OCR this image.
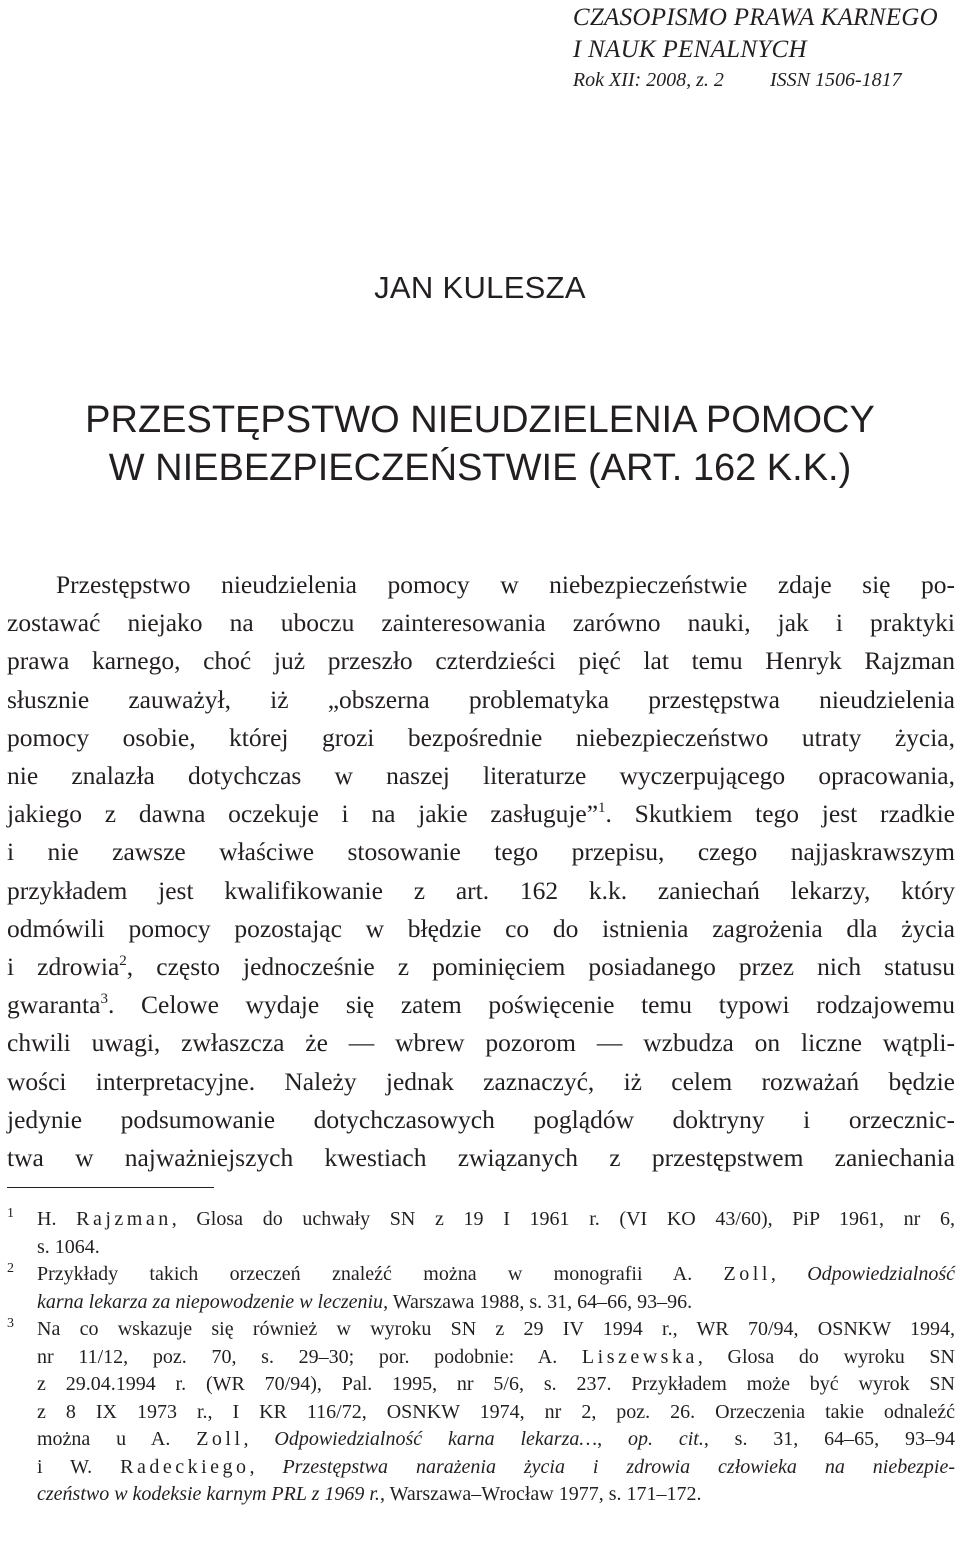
CZASOPISMO PRAWA KARNEGO
I NAUK PENALNYCH
Rok XII: 2008, z. 2 ISSN 1506-1817
JAN KULESZA
PRZESTĘPSTWO NIEUDZIELENIA POMOCY
W NIEBEZPIECZEŃSTWIE (ART. 162 K.K.)
Przestępstwo nieudzielenia pomocy w niebezpieczeństwie zdaje się po-
zostawać niejako na uboczu zainteresowania zarówno nauki, jak i praktyki
prawa karnego, choć już przeszło czterdzieści pięć lat temu Henryk Rajzman
słusznie zauważył, iż „obszerna problematyka przestępstwa nieudzielenia
pomocy osobie, której grozi bezpośrednie niebezpieczeństwo utraty życia,
nie znalazła dotychczas w naszej literaturze wyczerpującego opracowania,
jakiego z dawna oczekuje i na jakie zasługuje”$^1$. Skutkiem tego jest rzadkie
i nie zawsze właściwe stosowanie tego przepisu, czego najjaskrawszym
przykładem jest kwalifikowanie z art. 162 k.k. zaniechań lekarzy, który
odmówili pomocy pozostając w błędzie co do istnienia zagrożenia dla życia
i zdrowia$^2$, często jednocześnie z pominięciem posiadanego przez nich statusu
gwaranta$^3$. Celowe wydaje się zatem poświęcenie temu typowi rodzajowemu
chwili uwagi, zwłaszcza że — wbrew pozorom — wzbudza on liczne wątpli-
wości interpretacyjne. Należy jednak zaznaczyć, iż celem rozważań będzie
jedynie podsumowanie dotychczasowych poglądów doktryny i orzecznic-
twa w najważniejszych kwestiach związanych z przestępstwem zaniechania
1 H. Rajzman, Glosa do uchwały SN z 19 I 1961 r. (VI KO 43/60), PiP 1961, nr 6,
s. 1064.
2 Przykłady takich orzeczeń znaleźć można w monografii A. Zoll, Odpowiedzialność
karna lekarza za niepowodzenie w leczeniu, Warszawa 1988, s. 31, 64–66, 93–96.
3 Na co wskazuje się również w wyroku SN z 29 IV 1994 r., WR 70/94, OSNKW 1994,
nr 11/12, poz. 70, s. 29–30; por. podobnie: A. Liszewska, Glosa do wyroku SN
z 29.04.1994 r. (WR 70/94), Pal. 1995, nr 5/6, s. 237. Przykładem może być wyrok SN
z 8 IX 1973 r., I KR 116/72, OSNKW 1974, nr 2, poz. 26. Orzeczenia takie odnaleźć
można u A. Zoll, Odpowiedzialność karna lekarza…, op. cit., s. 31, 64–65, 93–94
i W. Radeckiego, Przestępstwa narażenia życia i zdrowia człowieka na niebezpie-
czeństwo w kodeksie karnym PRL z 1969 r., Warszawa–Wrocław 1977, s. 171–172.
